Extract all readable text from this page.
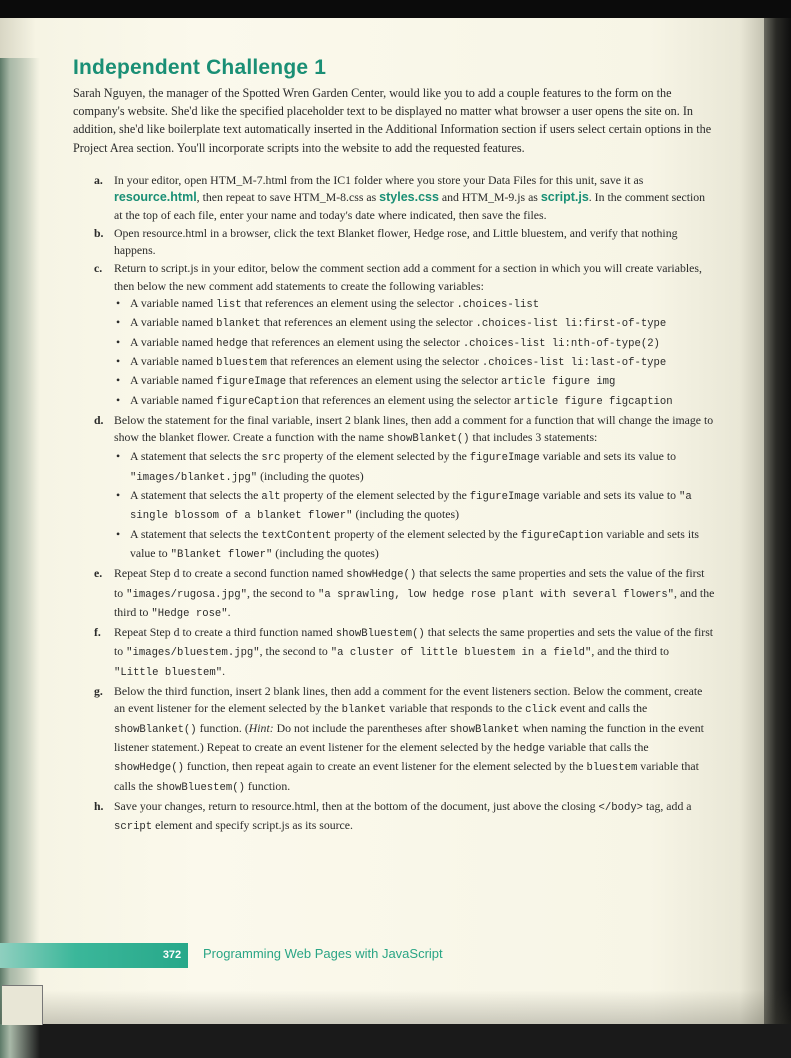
Independent Challenge 1
Sarah Nguyen, the manager of the Spotted Wren Garden Center, would like you to add a couple features to the form on the company's website. She'd like the specified placeholder text to be displayed no matter what browser a user opens the site on. In addition, she'd like boilerplate text automatically inserted in the Additional Information section if users select certain options in the Project Area section. You'll incorporate scripts into the website to add the requested features.
a. In your editor, open HTM_M-7.html from the IC1 folder where you store your Data Files for this unit, save it as resource.html, then repeat to save HTM_M-8.css as styles.css and HTM_M-9.js as script.js. In the comment section at the top of each file, enter your name and today's date where indicated, then save the files.
b. Open resource.html in a browser, click the text Blanket flower, Hedge rose, and Little bluestem, and verify that nothing happens.
c. Return to script.js in your editor, below the comment section add a comment for a section in which you will create variables, then below the new comment add statements to create the following variables:
• A variable named list that references an element using the selector .choices-list
• A variable named blanket that references an element using the selector .choices-list li:first-of-type
• A variable named hedge that references an element using the selector .choices-list li:nth-of-type(2)
• A variable named bluestem that references an element using the selector .choices-list li:last-of-type
• A variable named figureImage that references an element using the selector article figure img
• A variable named figureCaption that references an element using the selector article figure figcaption
d. Below the statement for the final variable, insert 2 blank lines, then add a comment for a function that will change the image to show the blanket flower. Create a function with the name showBlanket() that includes 3 statements:
• A statement that selects the src property of the element selected by the figureImage variable and sets its value to "images/blanket.jpg" (including the quotes)
• A statement that selects the alt property of the element selected by the figureImage variable and sets its value to "a single blossom of a blanket flower" (including the quotes)
• A statement that selects the textContent property of the element selected by the figureCaption variable and sets its value to "Blanket flower" (including the quotes)
e. Repeat Step d to create a second function named showHedge() that selects the same properties and sets the value of the first to "images/rugosa.jpg", the second to "a sprawling, low hedge rose plant with several flowers", and the third to "Hedge rose".
f. Repeat Step d to create a third function named showBluestem() that selects the same properties and sets the value of the first to "images/bluestem.jpg", the second to "a cluster of little bluestem in a field", and the third to "Little bluestem".
g. Below the third function, insert 2 blank lines, then add a comment for the event listeners section. Below the comment, create an event listener for the element selected by the blanket variable that responds to the click event and calls the showBlanket() function. (Hint: Do not include the parentheses after showBlanket when naming the function in the event listener statement.) Repeat to create an event listener for the element selected by the hedge variable that calls the showHedge() function, then repeat again to create an event listener for the element selected by the bluestem variable that calls the showBluestem() function.
h. Save your changes, return to resource.html, then at the bottom of the document, just above the closing </body> tag, add a script element and specify script.js as its source.
372	Programming Web Pages with JavaScript
